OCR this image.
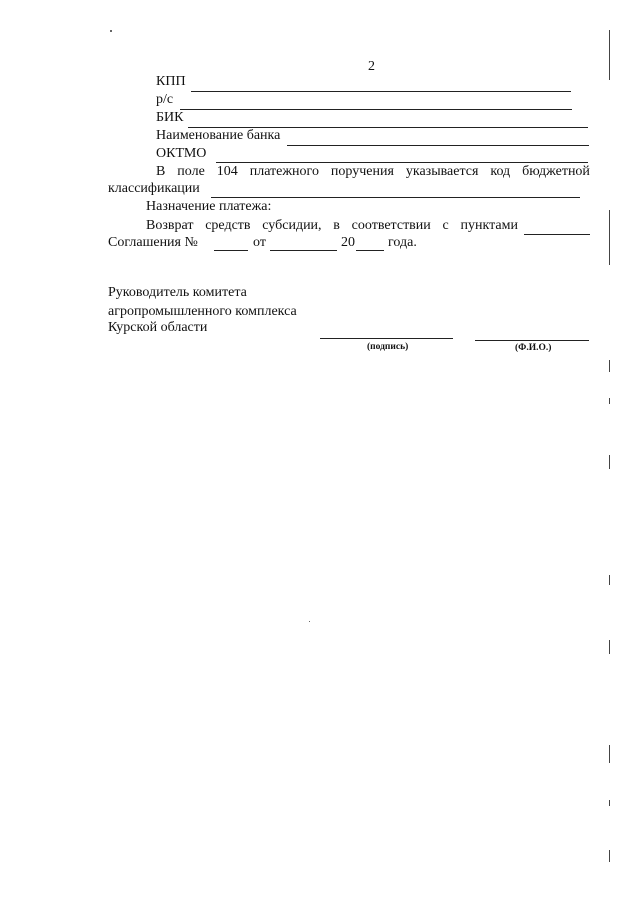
2
КПП
р/с
БИК
Наименование банка
ОКТМО
В поле 104 платежного поручения указывается код бюджетной
классификации
Назначение платежа:
Возврат средств субсидии, в соответствии с пунктами
Соглашения №	от	20 года.
Руководитель комитета
агропромышленного комплекса
Курской области
(подпись)	(Ф.И.О.)
